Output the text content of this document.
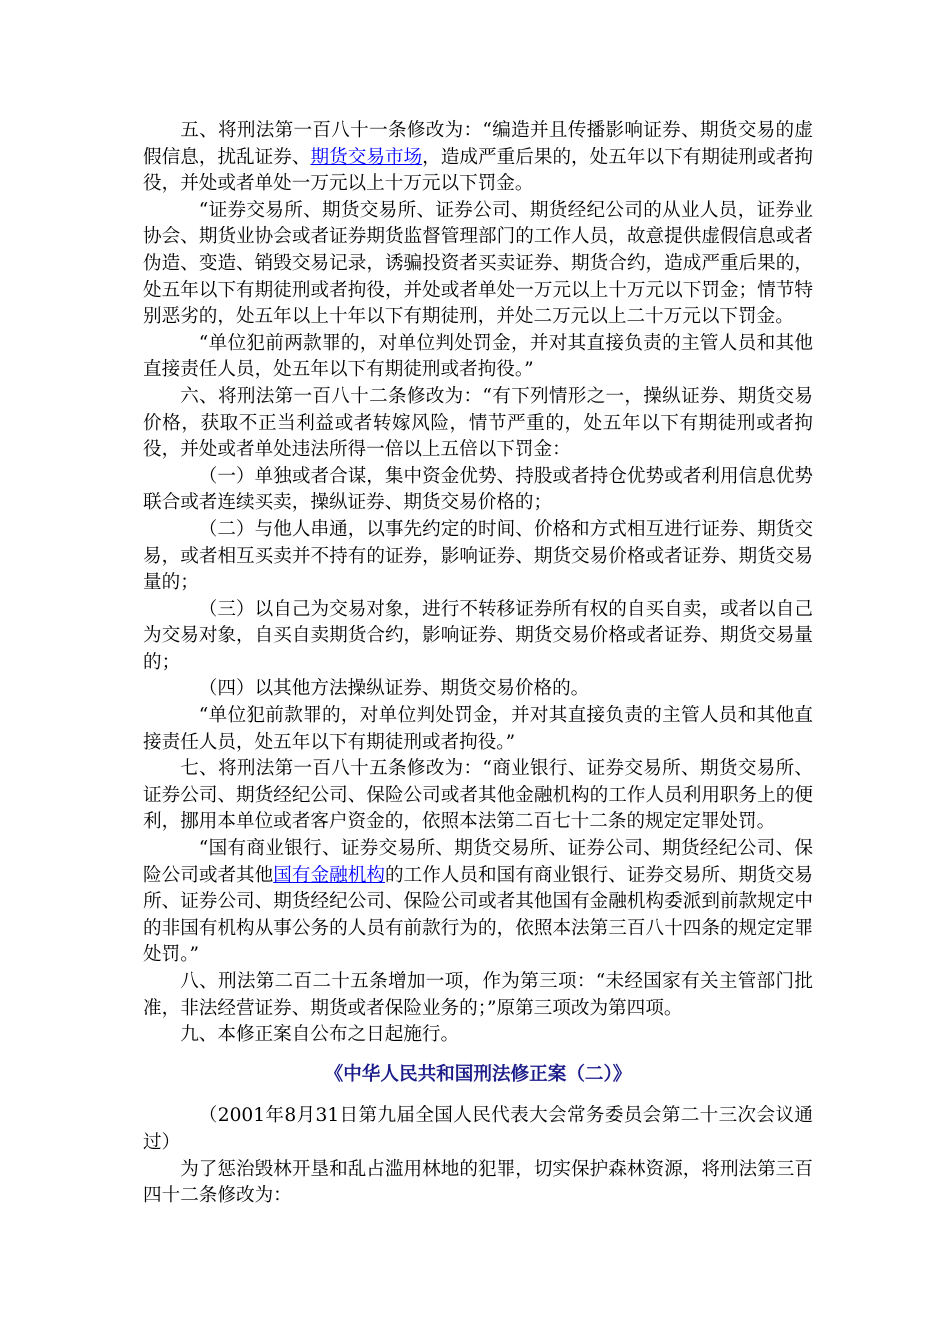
五、将刑法第一百八十一条修改为：“编造并且传播影响证券、期货交易的虚假信息，扰乱证券、期货交易市场，造成严重后果的，处五年以下有期徒刑或者拘役，并处或者单处一万元以上十万元以下罚金。

“证券交易所、期货交易所、证券公司、期货经纪公司的从业人员，证券业协会、期货业协会或者证券期货监督管理部门的工作人员，故意提供虚假信息或者伪造、变造、销毁交易记录，诱骗投资者买卖证券、期货合约，造成严重后果的，处五年以下有期徒刑或者拘役，并处或者单处一万元以上十万元以下罚金；情节特别恶劣的，处五年以上十年以下有期徒刑，并处二万元以上二十万元以下罚金。

“单位犯前两款罪的，对单位判处罚金，并对其直接负责的主管人员和其他直接责任人员，处五年以下有期徒刑或者拘役。”

六、将刑法第一百八十二条修改为：“有下列情形之一，操纵证券、期货交易价格，获取不正当利益或者转嫁风险，情节严重的，处五年以下有期徒刑或者拘役，并处或者单处违法所得一倍以上五倍以下罚金：

（一）单独或者合谋，集中资金优势、持股或者持仓优势或者利用信息优势联合或者连续买卖，操纵证券、期货交易价格的；

（二）与他人串通，以事先约定的时间、价格和方式相互进行证券、期货交易，或者相互买卖并不持有的证券，影响证券、期货交易价格或者证券、期货交易量的；

（三）以自己为交易对象，进行不转移证券所有权的自买自卖，或者以自己为交易对象，自买自卖期货合约，影响证券、期货交易价格或者证券、期货交易量的；

（四）以其他方法操纵证券、期货交易价格的。

“单位犯前款罪的，对单位判处罚金，并对其直接负责的主管人员和其他直接责任人员，处五年以下有期徒刑或者拘役。”

七、将刑法第一百八十五条修改为：“商业银行、证券交易所、期货交易所、证券公司、期货经纪公司、保险公司或者其他金融机构的工作人员利用职务上的便利，挪用本单位或者客户资金的，依照本法第二百七十二条的规定定罪处罚。

“国有商业银行、证券交易所、期货交易所、证券公司、期货经纪公司、保险公司或者其他国有金融机构的工作人员和国有商业银行、证券交易所、期货交易所、证券公司、期货经纪公司、保险公司或者其他国有金融机构委派到前款规定中的非国有机构从事公务的人员有前款行为的，依照本法第三百八十四条的规定定罪处罚。”

八、刑法第二百二十五条增加一项，作为第三项：“未经国家有关主管部门批准，非法经营证券、期货或者保险业务的；”原第三项改为第四项。

九、本修正案自公布之日起施行。

《中华人民共和国刑法修正案（二）》

（2001年8月31日第九届全国人民代表大会常务委员会第二十三次会议通过）

为了惩治毁林开垦和乱占滥用林地的犯罪，切实保护森林资源，将刑法第三百四十二条修改为：
